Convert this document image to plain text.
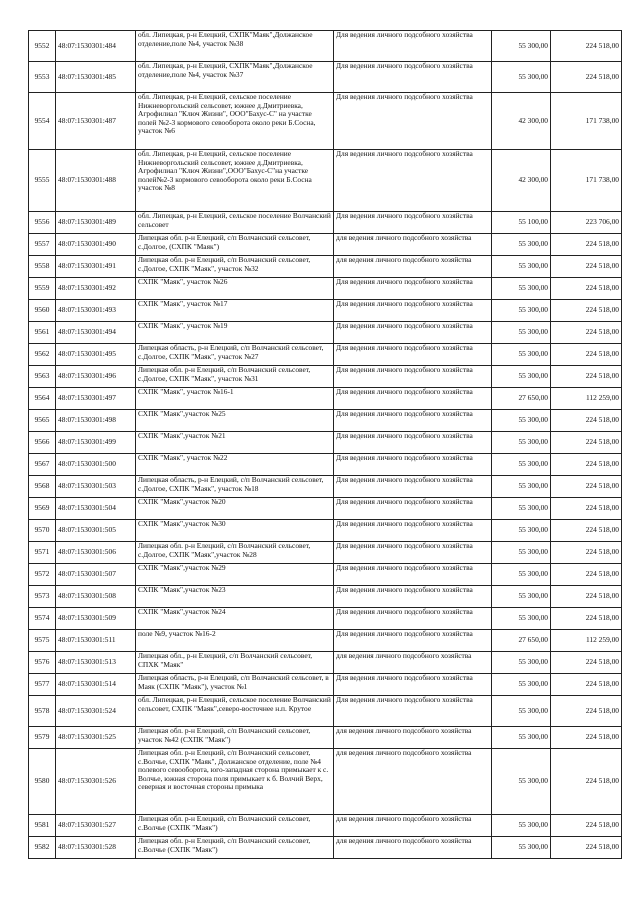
9552	48:07:1530301:484	обл. Липецкая, р-н Елецкий, СХПК"Маяк",Должанское отделение,поле №4, участок №38	Для ведения личного подсобного хозяйства	55 300,00	224 518,00
9553	48:07:1530301:485	обл. Липецкая, р-н Елецкий, СХПК"Маяк",Должанское отделение,поле №4, участок №37	Для ведения личного подсобного хозяйства	55 300,00	224 518,00
9554	48:07:1530301:487	обл. Липецкая, р-н Елецкий, сельское поселение Нижневоргольский сельсовет, южнее д.Дмитриевка, Агрофилиал "Ключ Жизни", ООО"Бахус-С" на участке полей №2-3 кормового севооборота около реки Б.Сосна, участок №6	Для ведения личного подсобного хозяйства	42 300,00	171 738,00
9555	48:07:1530301:488	обл. Липецкая, р-н Елецкий, сельское поселение Нижневоргольский сельсовет, южнее д.Дмитриевка, Агрофилиал "Ключ Жизни",ООО"Бахус-С"на участке полей№2-3 кормового севооборота около реки Б.Сосна участок №8	Для ведения личного подсобного хозяйства	42 300,00	171 738,00
9556	48:07:1530301:489	обл. Липецкая, р-н Елецкий, сельское поселение Волчанский сельсовет	Для ведения личного подсобного хозяйства	55 100,00	223 706,00
9557	48:07:1530301:490	Липецкая обл. р-н Елецкий, с/п Волчанский сельсовет, с.Долгое, (СХПК "Маяк")	для ведения личного подсобного хозяйства	55 300,00	224 518,00
9558	48:07:1530301:491	Липецкая обл. р-н Елецкий, с/п Волчанский сельсовет, с.Долгое, СХПК "Маяк", участок №32	для ведения личного подсобного хозяйства	55 300,00	224 518,00
9559	48:07:1530301:492	СХПК "Маяк", участок №26	Для ведения личного подсобного хозяйства	55 300,00	224 518,00
9560	48:07:1530301:493	СХПК "Маяк", участок №17	Для ведения личного подсобного хозяйства	55 300,00	224 518,00
9561	48:07:1530301:494	СХПК "Маяк", участок №19	Для ведения личного подсобного хозяйства	55 300,00	224 518,00
9562	48:07:1530301:495	Липецкая область, р-н Елецкий, с/п Волчанский сельсовет, с.Долгое, СХПК "Маяк", участок №27	Для ведения личного подсобного хозяйства	55 300,00	224 518,00
9563	48:07:1530301:496	Липецкая обл. р-н Елецкий, с/п Волчанский сельсовет, с.Долгое, СХПК "Маяк", участок №31	Для ведения личного подсобного хозяйства	55 300,00	224 518,00
9564	48:07:1530301:497	СХПК "Маяк", участок №16-1	Для ведения личного подсобного хозяйства	27 650,00	112 259,00
9565	48:07:1530301:498	СХПК "Маяк",участок №25	Для ведения личного подсобного хозяйства	55 300,00	224 518,00
9566	48:07:1530301:499	СХПК "Маяк",участок №21	Для ведения личного подсобного хозяйства	55 300,00	224 518,00
9567	48:07:1530301:500	СХПК "Маяк", участок №22	Для ведения личного подсобного хозяйства	55 300,00	224 518,00
9568	48:07:1530301:503	Липецкая область, р-н Елецкий, с/п Волчанский сельсовет, с.Долгое, СХПК "Маяк", участок №18	Для ведения личного подсобного хозяйства	55 300,00	224 518,00
9569	48:07:1530301:504	СХПК "Маяк",участок №20	Для ведения личного подсобного хозяйства	55 300,00	224 518,00
9570	48:07:1530301:505	СХПК "Маяк",участок №30	Для ведения личного подсобного хозяйства	55 300,00	224 518,00
9571	48:07:1530301:506	Липецкая обл. р-н Елецкий, с/п Волчанский сельсовет, с.Долгое, СХПК "Маяк",участок №28	Для ведения личного подсобного хозяйства	55 300,00	224 518,00
9572	48:07:1530301:507	СХПК "Маяк",участок №29	Для ведения личного подсобного хозяйства	55 300,00	224 518,00
9573	48:07:1530301:508	СХПК "Маяк",участок №23	Для ведения личного подсобного хозяйства	55 300,00	224 518,00
9574	48:07:1530301:509	СХПК "Маяк",участок №24	Для ведения личного подсобного хозяйства	55 300,00	224 518,00
9575	48:07:1530301:511	поле №9, участок №16-2	Для ведения личного подсобного хозяйства	27 650,00	112 259,00
9576	48:07:1530301:513	Липецкая обл., р-н Елецкий, с/п Волчанский сельсовет, СПХК "Маяк"	для ведения личного подсобного хозяйства	55 300,00	224 518,00
9577	48:07:1530301:514	Липецкая область, р-н Елецкий, с/п Волчанский сельсовет, в Маяк (СХПК "Маяк"), участок №1	Для ведения личного подсобного хозяйства	55 300,00	224 518,00
9578	48:07:1530301:524	обл. Липецкая, р-н Елецкий, сельское поселение Волчанский сельсовет, СХПК "Маяк",северо-восточнее н.п. Крутое	Для ведения личного подсобного хозяйства	55 300,00	224 518,00
9579	48:07:1530301:525	Липецкая обл. р-н Елецкий, с/п Волчанский сельсовет, участок №42 (СХПК "Маяк")	для ведения личного подсобного хозяйства	55 300,00	224 518,00
9580	48:07:1530301:526	Липецкая обл. р-н Елецкий, с/п Волчанский сельсовет, с.Волчье, СХПК "Маяк", Должанское отделение, поле №4 полевого севооборота, юго-западная сторона примыкает к с. Волчье, южная сторона поля примыкает к б. Волчий Верх, северная и восточная стороны примыка	для ведения личного подсобного хозяйства	55 300,00	224 518,00
9581	48:07:1530301:527	Липецкая обл. р-н Елецкий, с/п Волчанский сельсовет, с.Волчье (СХПК "Маяк")	для ведения личного подсобного хозяйства	55 300,00	224 518,00
9582	48:07:1530301:528	Липецкая обл. р-н Елецкий, с/п Волчанский сельсовет, с.Волчье (СХПК "Маяк")	для ведения личного подсобного хозяйства	55 300,00	224 518,00
